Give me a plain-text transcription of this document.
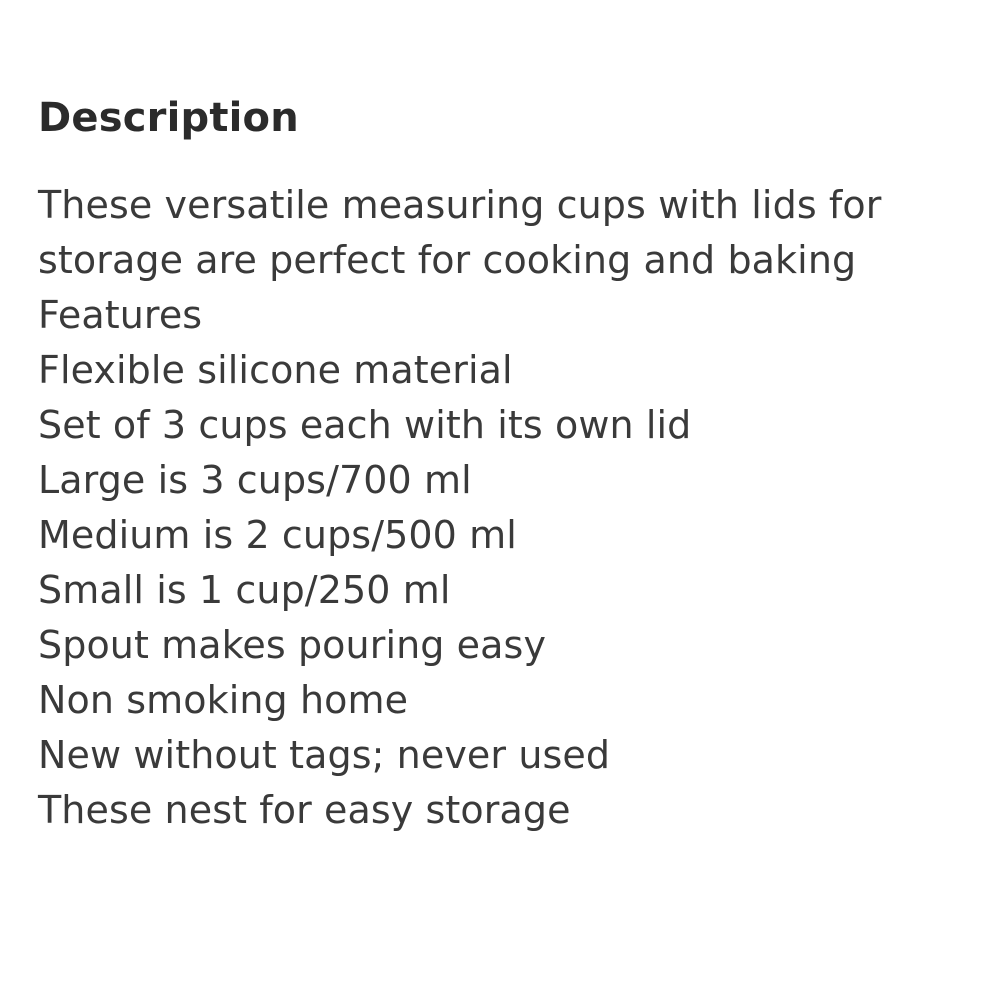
Description
These versatile measuring cups with lids for storage are perfect for cooking and baking
Features
Flexible silicone material
Set of 3 cups each with its own lid
Large is 3 cups/700 ml
Medium is 2 cups/500 ml
Small is 1 cup/250 ml
Spout makes pouring easy
Non smoking home
New without tags; never used
These nest for easy storage
